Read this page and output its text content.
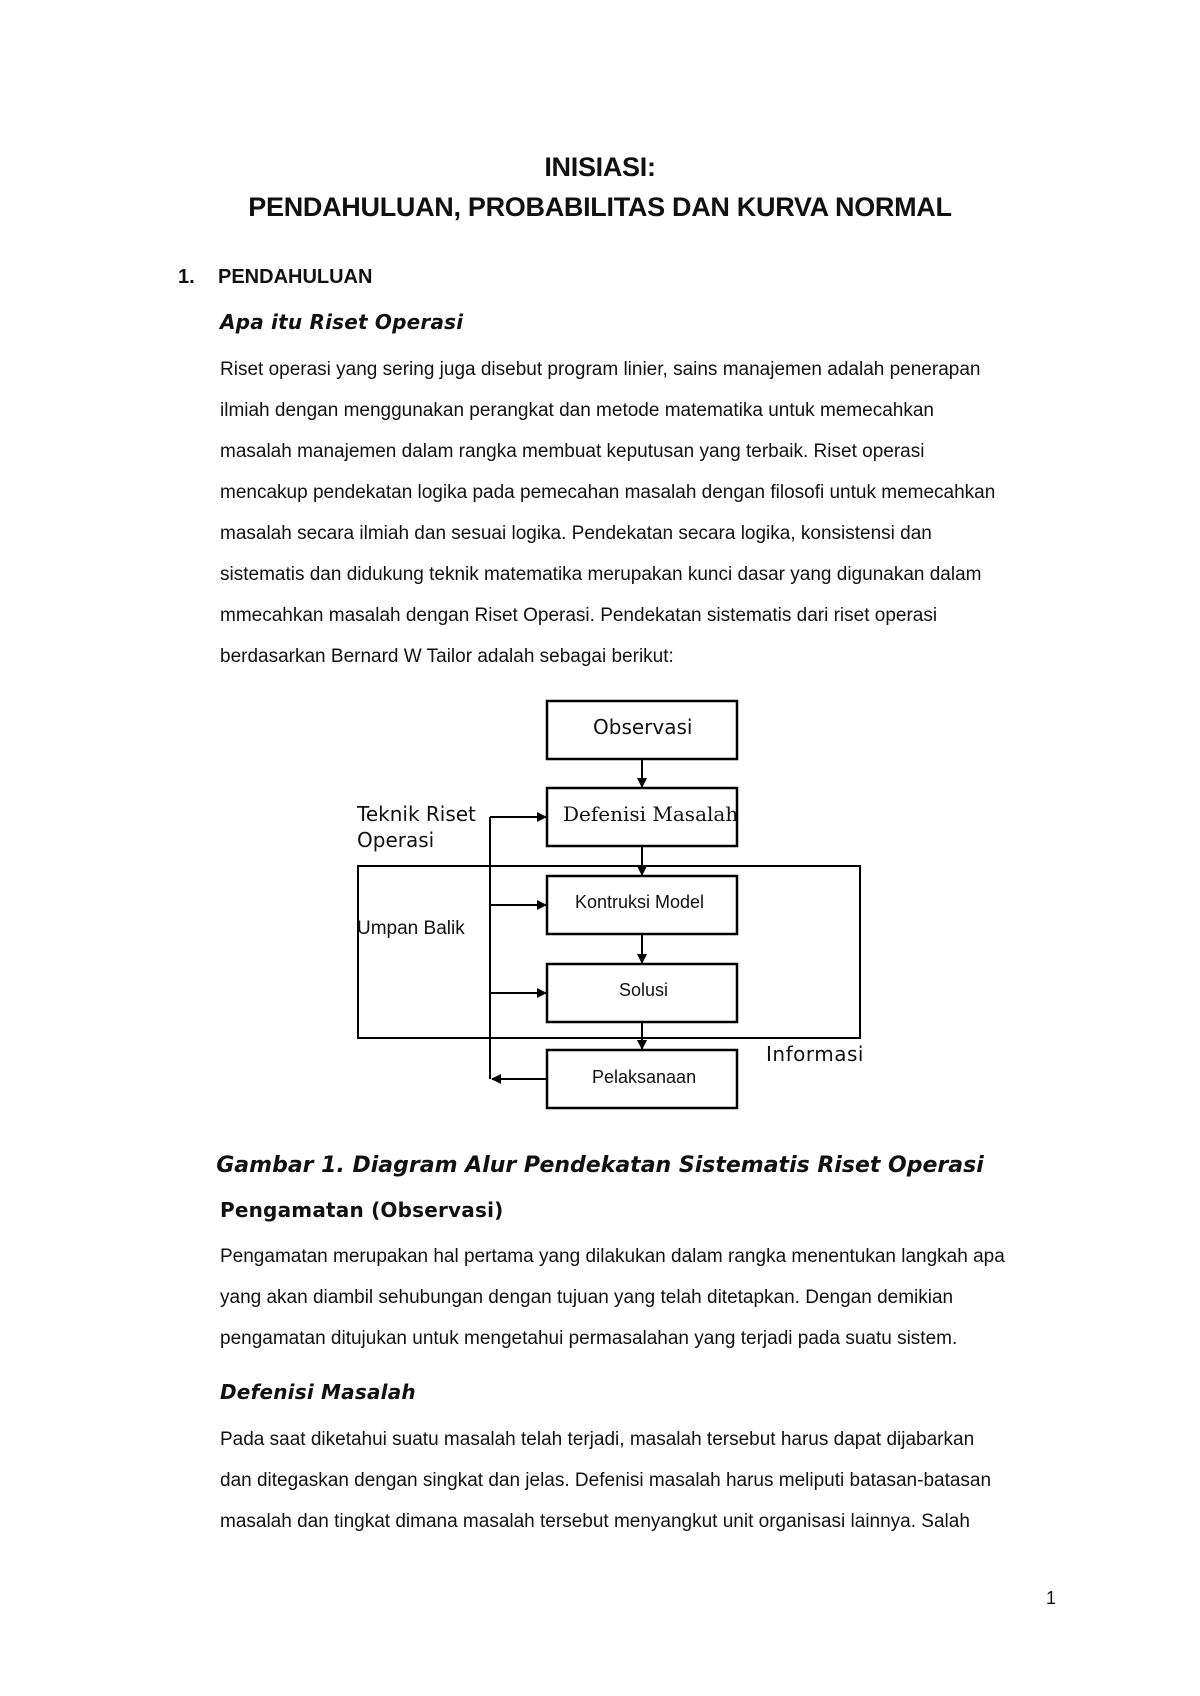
INISIASI:
PENDAHULUAN, PROBABILITAS DAN KURVA NORMAL
1. PENDAHULUAN
Apa itu Riset Operasi
Riset operasi yang sering juga disebut program linier, sains manajemen adalah penerapan
ilmiah dengan menggunakan perangkat dan metode matematika untuk memecahkan
masalah manajemen dalam rangka membuat keputusan yang terbaik. Riset operasi
mencakup pendekatan logika pada pemecahan masalah dengan filosofi untuk memecahkan
masalah secara ilmiah dan sesuai logika. Pendekatan secara logika, konsistensi dan
sistematis dan didukung teknik matematika merupakan kunci dasar yang digunakan dalam
mmecahkan masalah dengan Riset Operasi. Pendekatan sistematis dari riset operasi
berdasarkan Bernard W Tailor adalah sebagai berikut:
Observasi
Defenisi Masalah
Kontruksi Model
Solusi
Pelaksanaan
Teknik Riset
Operasi
Umpan Balik
Informasi
Gambar 1. Diagram Alur Pendekatan Sistematis Riset Operasi
Pengamatan (Observasi)
Pengamatan merupakan hal pertama yang dilakukan dalam rangka menentukan langkah apa
yang akan diambil sehubungan dengan tujuan yang telah ditetapkan. Dengan demikian
pengamatan ditujukan untuk mengetahui permasalahan yang terjadi pada suatu sistem.
Defenisi Masalah
Pada saat diketahui suatu masalah telah terjadi, masalah tersebut harus dapat dijabarkan
dan ditegaskan dengan singkat dan jelas. Defenisi masalah harus meliputi batasan-batasan
masalah dan tingkat dimana masalah tersebut menyangkut unit organisasi lainnya. Salah
1
